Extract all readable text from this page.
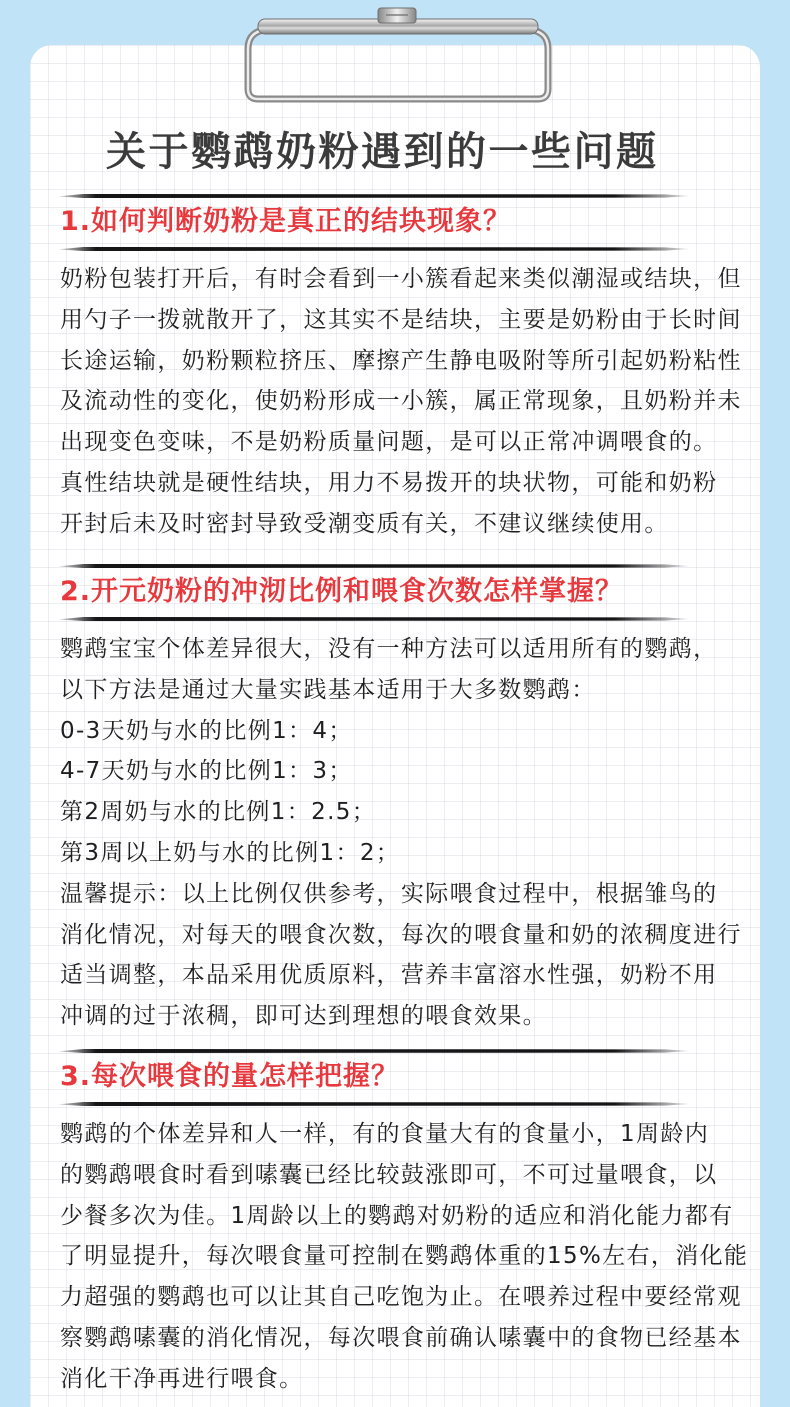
关于鹦鹉奶粉遇到的一些问题
1.如何判断奶粉是真正的结块现象？
奶粉包装打开后，有时会看到一小簇看起来类似潮湿或结块，但
用勺子一拨就散开了，这其实不是结块，主要是奶粉由于长时间
长途运输，奶粉颗粒挤压、摩擦产生静电吸附等所引起奶粉粘性
及流动性的变化，使奶粉形成一小簇，属正常现象，且奶粉并未
出现变色变味，不是奶粉质量问题，是可以正常冲调喂食的。
真性结块就是硬性结块，用力不易拨开的块状物，可能和奶粉
开封后未及时密封导致受潮变质有关，不建议继续使用。
2.开元奶粉的冲沏比例和喂食次数怎样掌握？
鹦鹉宝宝个体差异很大，没有一种方法可以适用所有的鹦鹉，
以下方法是通过大量实践基本适用于大多数鹦鹉：
0-3天奶与水的比例1：4；
4-7天奶与水的比例1：3；
第2周奶与水的比例1：2.5；
第3周以上奶与水的比例1：2；
温馨提示：以上比例仅供参考，实际喂食过程中，根据雏鸟的
消化情况，对每天的喂食次数，每次的喂食量和奶的浓稠度进行
适当调整，本品采用优质原料，营养丰富溶水性强，奶粉不用
冲调的过于浓稠，即可达到理想的喂食效果。
3.每次喂食的量怎样把握？
鹦鹉的个体差异和人一样，有的食量大有的食量小，1周龄内
的鹦鹉喂食时看到嗉囊已经比较鼓涨即可，不可过量喂食，以
少餐多次为佳。1周龄以上的鹦鹉对奶粉的适应和消化能力都有
了明显提升，每次喂食量可控制在鹦鹉体重的15%左右，消化能
力超强的鹦鹉也可以让其自己吃饱为止。在喂养过程中要经常观
察鹦鹉嗉囊的消化情况，每次喂食前确认嗉囊中的食物已经基本
消化干净再进行喂食。
